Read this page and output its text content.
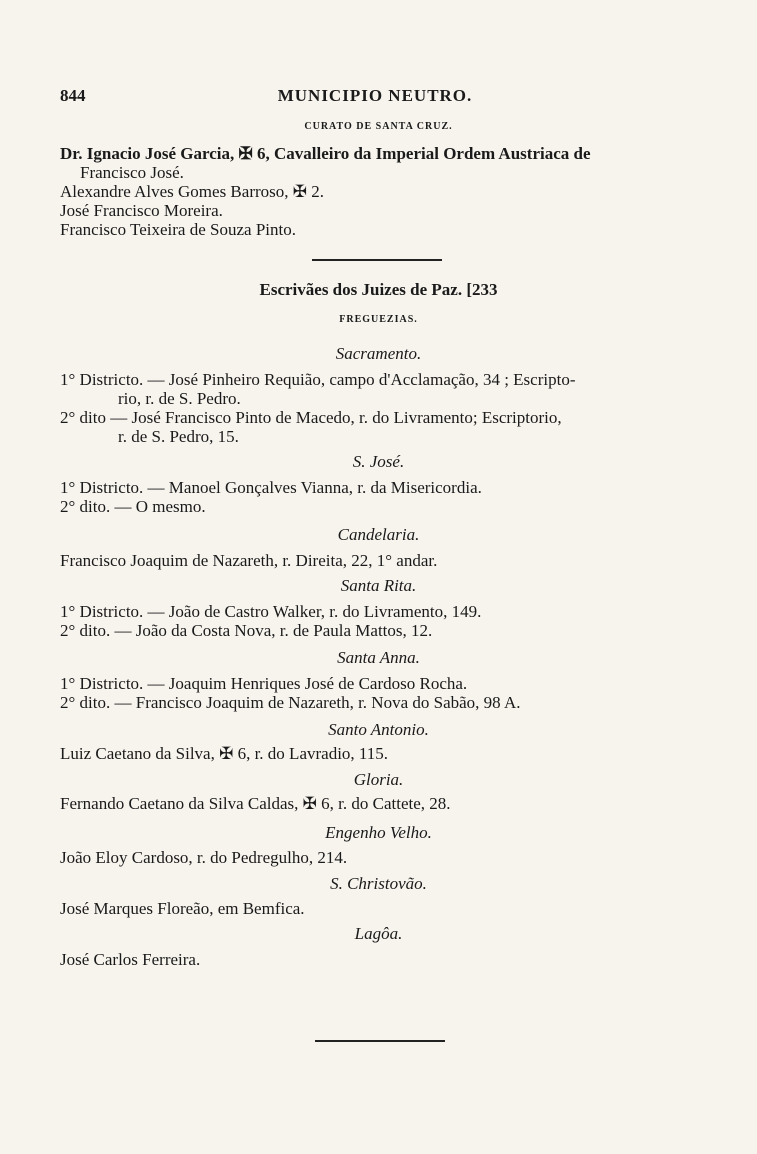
844	MUNICIPIO NEUTRO.
CURATO DE SANTA CRUZ.
Dr. Ignacio José Garcia, ✠ 6, Cavalleiro da Imperial Ordem Austriaca de
Francisco José.
Alexandre Alves Gomes Barroso, ✠ 2.
José Francisco Moreira.
Francisco Teixeira de Souza Pinto.
Escrivães dos Juizes de Paz. [233
FREGUEZIAS.
Sacramento.
1° Districto. — José Pinheiro Requião, campo d'Acclamação, 34 ; Escripto-
rio, r. de S. Pedro.
2° dito — José Francisco Pinto de Macedo, r. do Livramento; Escriptorio,
r. de S. Pedro, 15.
S. José.
1° Districto. — Manoel Gonçalves Vianna, r. da Misericordia.
2° dito. — O mesmo.
Candelaria.
Francisco Joaquim de Nazareth, r. Direita, 22, 1° andar.
Santa Rita.
1° Districto. — João de Castro Walker, r. do Livramento, 149.
2° dito. — João da Costa Nova, r. de Paula Mattos, 12.
Santa Anna.
1° Districto. — Joaquim Henriques José de Cardoso Rocha.
2° dito. — Francisco Joaquim de Nazareth, r. Nova do Sabão, 98 A.
Santo Antonio.
Luiz Caetano da Silva, ✠ 6, r. do Lavradio, 115.
Gloria.
Fernando Caetano da Silva Caldas, ✠ 6, r. do Cattete, 28.
Engenho Velho.
João Eloy Cardoso, r. do Pedregulho, 214.
S. Christovão.
José Marques Floreão, em Bemfica.
Lagôa.
José Carlos Ferreira.
